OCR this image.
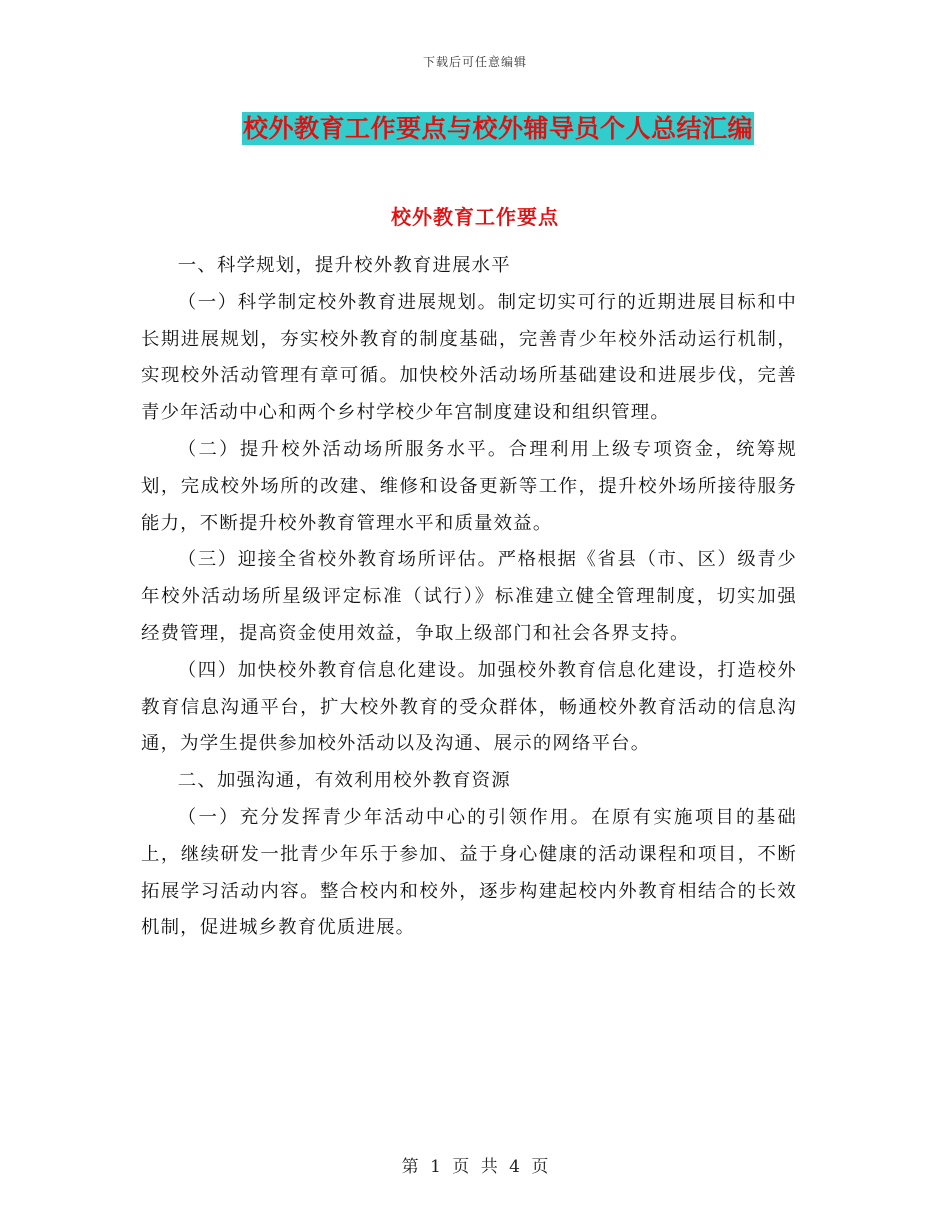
下载后可任意编辑
校外教育工作要点与校外辅导员个人总结汇编
校外教育工作要点

一、科学规划，提升校外教育进展水平

（一）科学制定校外教育进展规划。制定切实可行的近期进展目标和中长期进展规划，夯实校外教育的制度基础，完善青少年校外活动运行机制，实现校外活动管理有章可循。加快校外活动场所基础建设和进展步伐，完善青少年活动中心和两个乡村学校少年宫制度建设和组织管理。

（二）提升校外活动场所服务水平。合理利用上级专项资金，统筹规划，完成校外场所的改建、维修和设备更新等工作，提升校外场所接待服务能力，不断提升校外教育管理水平和质量效益。

（三）迎接全省校外教育场所评估。严格根据《省县（市、区）级青少年校外活动场所星级评定标准（试行）》标准建立健全管理制度，切实加强经费管理，提高资金使用效益，争取上级部门和社会各界支持。

（四）加快校外教育信息化建设。加强校外教育信息化建设，打造校外教育信息沟通平台，扩大校外教育的受众群体，畅通校外教育活动的信息沟通，为学生提供参加校外活动以及沟通、展示的网络平台。

二、加强沟通，有效利用校外教育资源

（一）充分发挥青少年活动中心的引领作用。在原有实施项目的基础上，继续研发一批青少年乐于参加、益于身心健康的活动课程和项目，不断拓展学习活动内容。整合校内和校外，逐步构建起校内外教育相结合的长效机制，促进城乡教育优质进展。

第 1 页 共 4 页
